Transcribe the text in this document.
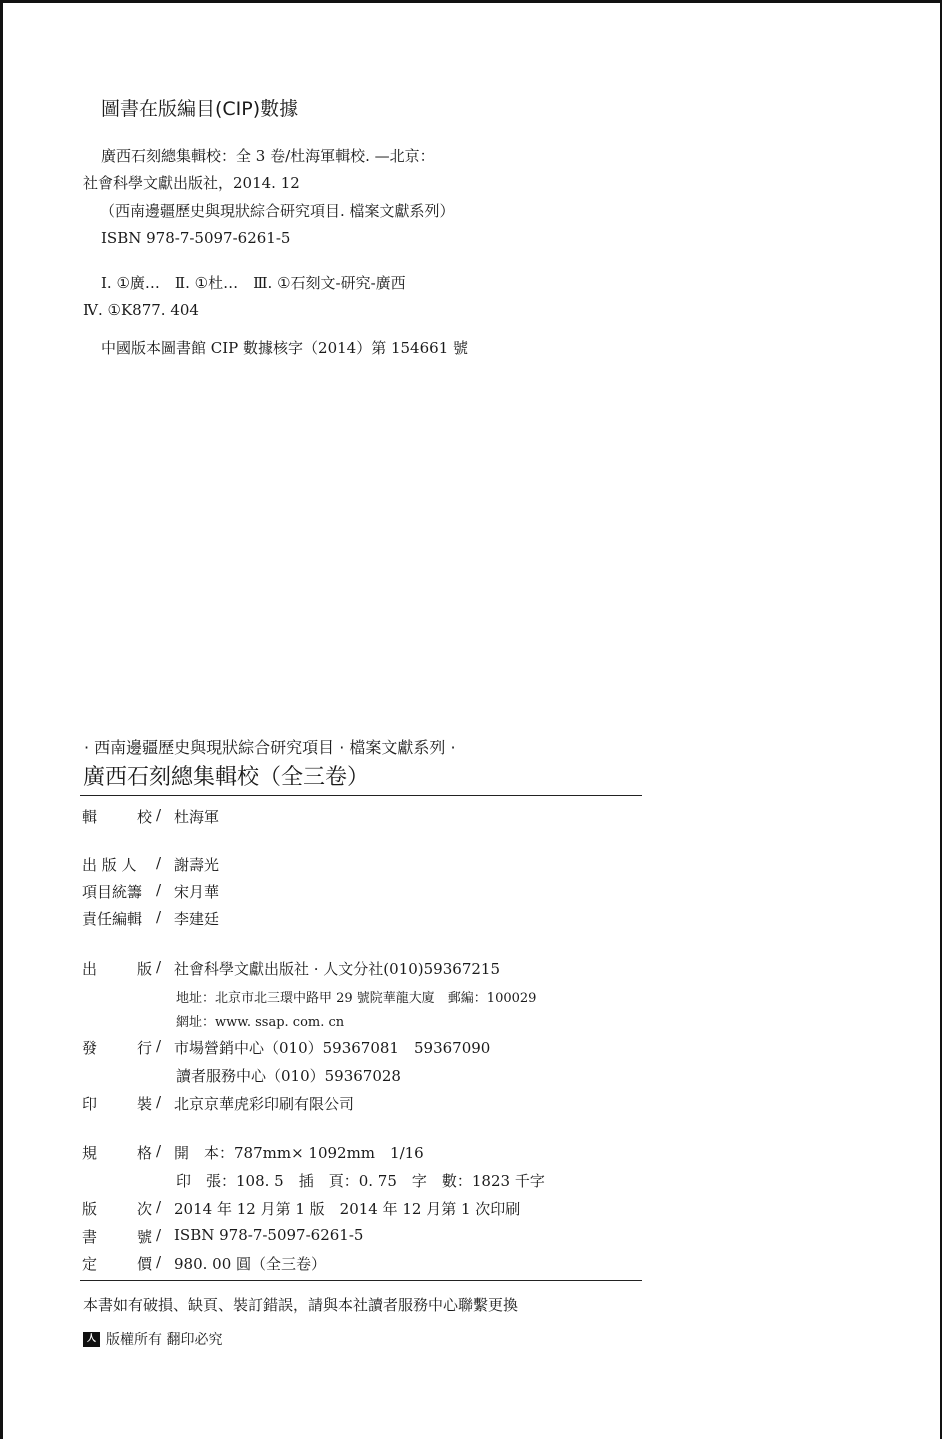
圖書在版編目(CIP)數據
廣西石刻總集輯校：全 3 卷/杜海軍輯校. —北京：
社會科學文獻出版社，2014. 12
（西南邊疆歷史與現狀綜合研究項目. 檔案文獻系列）
ISBN 978-7-5097-6261-5
Ⅰ. ①廣…　Ⅱ. ①杜…　Ⅲ. ①石刻文-研究-廣西
Ⅳ. ①K877. 404
中國版本圖書館 CIP 數據核字（2014）第 154661 號
· 西南邊疆歷史與現狀綜合研究項目 · 檔案文獻系列 ·
廣西石刻總集輯校（全三卷）
輯	校 / 杜海軍
出 版 人	/ 謝壽光
項目統籌 / 宋月華
責任編輯 / 李建廷
出	版 / 社會科學文獻出版社 · 人文分社(010)59367215
地址：北京市北三環中路甲 29 號院華龍大廈　郵編：100029
網址：www. ssap. com. cn
發	行 / 市場營銷中心（010）59367081　59367090
讀者服務中心（010）59367028
印	裝 / 北京京華虎彩印刷有限公司
規	格 / 開　本：787mm× 1092mm　1/16
印　張：108. 5　插　頁：0. 75　字　數：1823 千字
版	次 / 2014 年 12 月第 1 版　2014 年 12 月第 1 次印刷
書	號 / ISBN 978-7-5097-6261-5
定	價 / 980. 00 圓（全三卷）
本書如有破損、缺頁、裝訂錯誤，請與本社讀者服務中心聯繫更換
人 版權所有 翻印必究
